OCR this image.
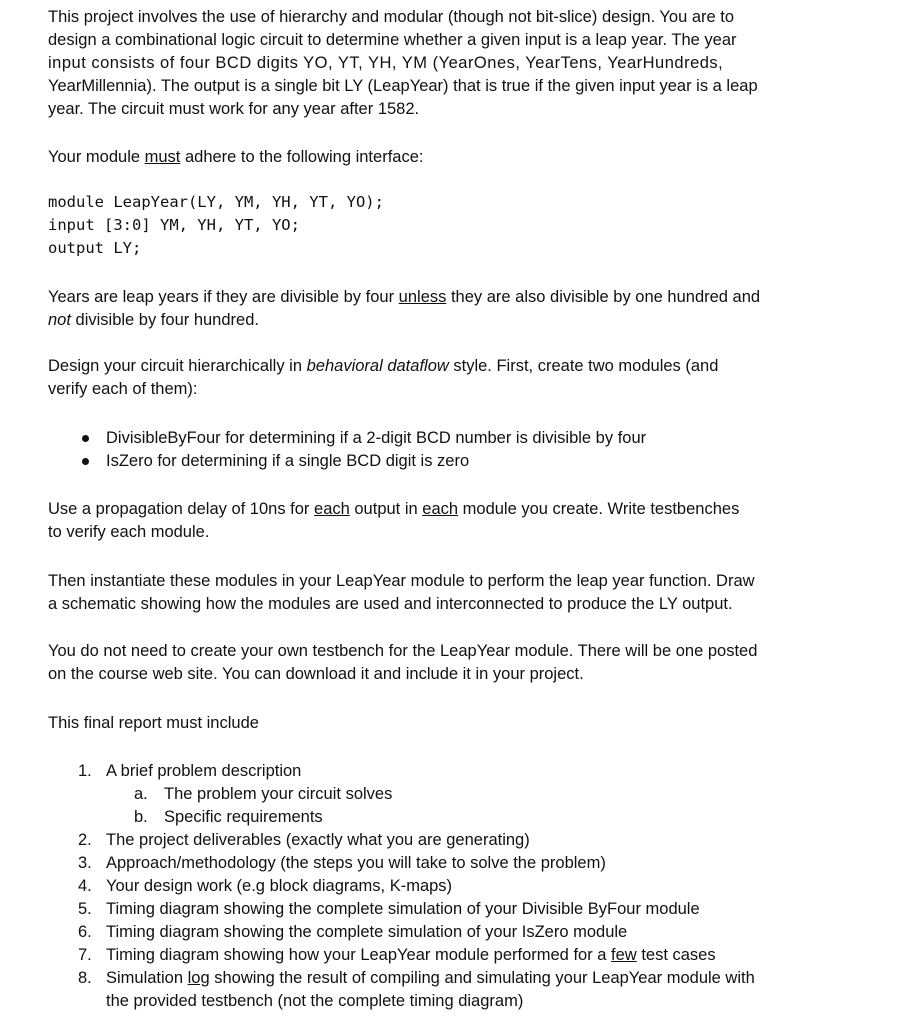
This project involves the use of hierarchy and modular (though not bit-slice) design. You are to

design a combinational logic circuit to determine whether a given input is a leap year. The year

input consists of four BCD digits YO, YT, YH, YM (YearOnes, YearTens, YearHundreds,

YearMillennia). The output is a single bit LY (LeapYear) that is true if the given input year is a leap

year. The circuit must work for any year after 1582.

Your module must adhere to the following interface:

module LeapYear(LY, YM, YH, YT, YO);
input [3:0] YM, YH, YT, YO;
output LY;

Years are leap years if they are divisible by four unless they are also divisible by one hundred and

not divisible by four hundred.

Design your circuit hierarchically in behavioral dataflow style. First, create two modules (and

verify each of them):

DivisibleByFour for determining if a 2-digit BCD number is divisible by four
IsZero for determining if a single BCD digit is zero

Use a propagation delay of 10ns for each output in each module you create. Write testbenches

to verify each module.

Then instantiate these modules in your LeapYear module to perform the leap year function. Draw

a schematic showing how the modules are used and interconnected to produce the LY output.

You do not need to create your own testbench for the LeapYear module. There will be one posted

on the course web site. You can download it and include it in your project.

This final report must include

1. A brief problem description
a. The problem your circuit solves
b. Specific requirements
2. The project deliverables (exactly what you are generating)
3. Approach/methodology (the steps you will take to solve the problem)
4. Your design work (e.g block diagrams, K-maps)
5. Timing diagram showing the complete simulation of your Divisible ByFour module
6. Timing diagram showing the complete simulation of your IsZero module
7. Timing diagram showing how your LeapYear module performed for a few test cases
8. Simulation log showing the result of compiling and simulating your LeapYear module with
the provided testbench (not the complete timing diagram)
